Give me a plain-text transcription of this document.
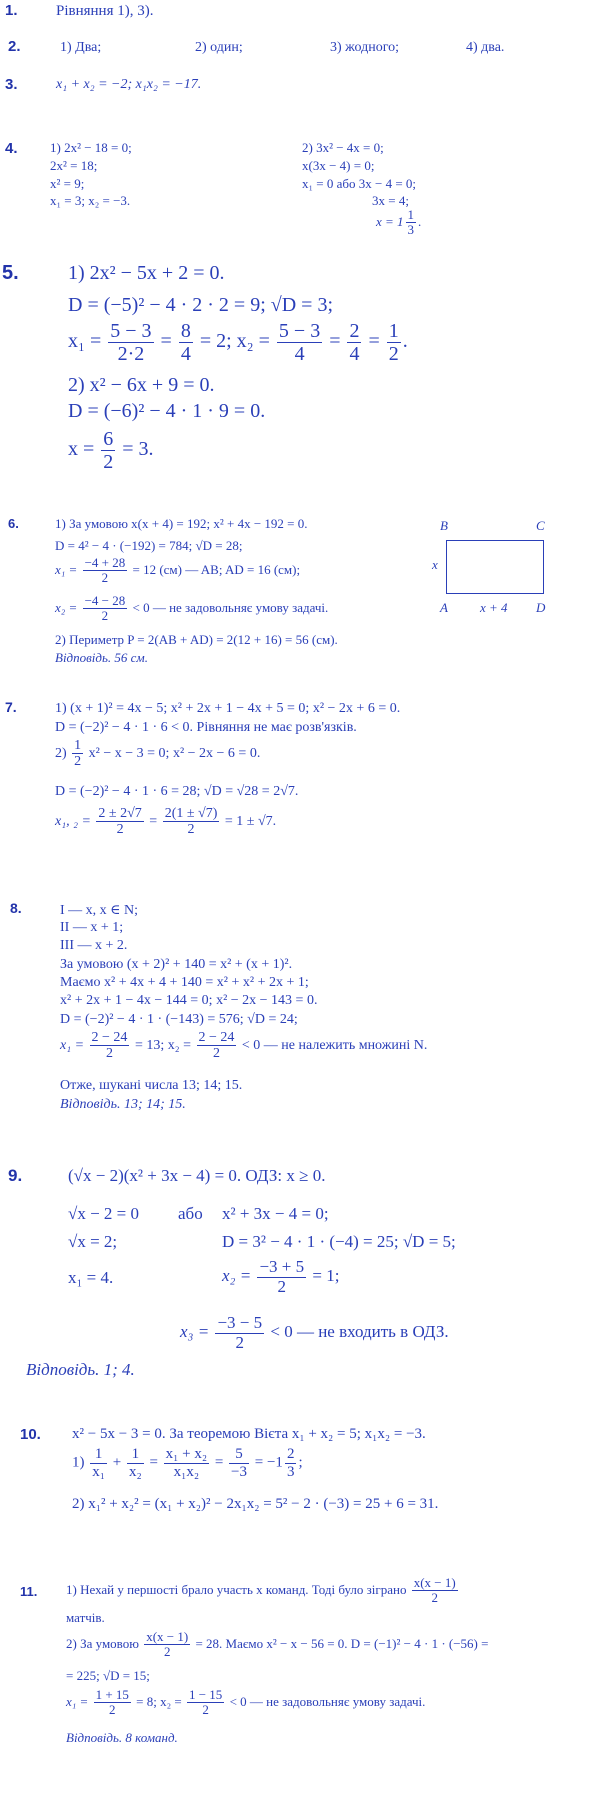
1.	Рівняння 1), 3).
2.	1) Два;	2) один;	3) жодного;	4) два.
3.	x₁ + x₂ = −2; x₁x₂ = −17.
4. 1) 2x² − 18 = 0;
2x² = 18;
x² = 9;
x₁ = 3; x₂ = −3.
2) 3x² − 4x = 0;
x(3x − 4) = 0;
x₁ = 0 або 3x − 4 = 0;
3x = 4;
$x = 1 \frac{1}{3}$ .
5. 1) 2x² − 5x + 2 = 0.
D = (−5)² − 4 · 2 · 2 = 9; √D = 3;
$x_1 = \frac{5 - 3}{2\cdot 2} = \frac{8}{4} = 2$; $x_2 = \frac{5 - 3}{4} = \frac{2}{4} = \frac{1}{2}$ .
2) x² − 6x + 9 = 0.
D = (−6)² − 4 · 1 · 9 = 0.
$x = \frac{6}{2} = 3$.
6.	1) За умовою x(x + 4) = 192; x² + 4x − 192 = 0.
D = 4² − 4 · (−192) = 784; √D = 28;
$x_1 = \frac{-4 + 28}{2} = 12$ (см) — AB; AD = 16 (см);
$x_2 = \frac{-4 - 28}{2} < 0$ — не задовольняє умову задачі.
2) Периметр P = 2(AB + AD) = 2(12 + 16) = 56 (см).
Відповідь. 56 см.
B	C
A	D
x
x + 4
7.	1) (x + 1)² = 4x − 5; x² + 2x + 1 − 4x + 5 = 0; x² − 2x + 6 = 0.
D = (−2)² − 4 · 1 · 6 < 0. Рівняння не має розв'язків.
$2) \frac{1}{2} x^2 - x - 3 = 0$; x² − 2x − 6 = 0.
D = (−2)² − 4 · 1 · 6 = 28; √D = √28 = 2√7.
x₁, $_2 = \frac{2 \pm 2√7}{2} = \frac{2(1 \pm √7)}{2} = 1 \pm √7$.
8.	I — x, x ∈ N;
II — x + 1;
III — x + 2.
За умовою (x + 2)² + 140 = x² + (x + 1)².
Маємо x² + 4x + 4 + 140 = x² + x² + 2x + 1;
x² + 2x + 1 − 4x − 144 = 0; x² − 2x − 143 = 0.
D = (−2)² − 4 · 1 · (−143) = 576; √D = 24;
$x_1 = \frac{2 - 24}{2} = 13$; $x_2 = \frac{2 - 24}{2} < 0$ — не належить множині N.
Отже, шукані числа 13; 14; 15.
Відповідь. 13; 14; 15.
9.	(√x − 2)(x² + 3x − 4) = 0. ОДЗ: x ≥ 0.
√x − 2 = 0 або x² + 3x − 4 = 0;
√x = 2;	D = 3² − 4 · 1 · (−4) = 25; √D = 5;
x₁ = 4.	$x_2 = \frac{-3 + 5}{2} = 1$;
$x_3 = \frac{-3 - 5}{2} < 0$ — не входить в ОДЗ.
Відповідь. 1; 4.
10. x² − 5x − 3 = 0. За теоремою Вієта x₁ + x₂ = 5; x₁x₂ = −3.
$1) \frac{1}{\text{x₁}} + \frac{1}{\text{x₂}} = \frac{\text{x₁ + x₂}}{\text{x₁x₂}} = \frac{5}{-3} = -1 \frac{2}{3}$ ;
2) x₁² + x₂² = (x₁ + x₂)² − 2x₁x₂ = 5² − 2 · (−3) = 25 + 6 = 31.
11. 1) Нехай у першості брало участь x команд. Тоді було зіграно $\frac{x(x - 1)}{2}$
матчів.
2) За умовою $\frac{x(x - 1)}{2} = 28$. Маємо x² − x − 56 = 0. D = (−1)² − 4 · 1 · (−56) =
= 225; √D = 15;
$x_1 = \frac{1 + 15}{2} = 8$; $x_2 = \frac{1 - 15}{2} < 0$ — не задовольняє умову задачі.
Відповідь. 8 команд.
